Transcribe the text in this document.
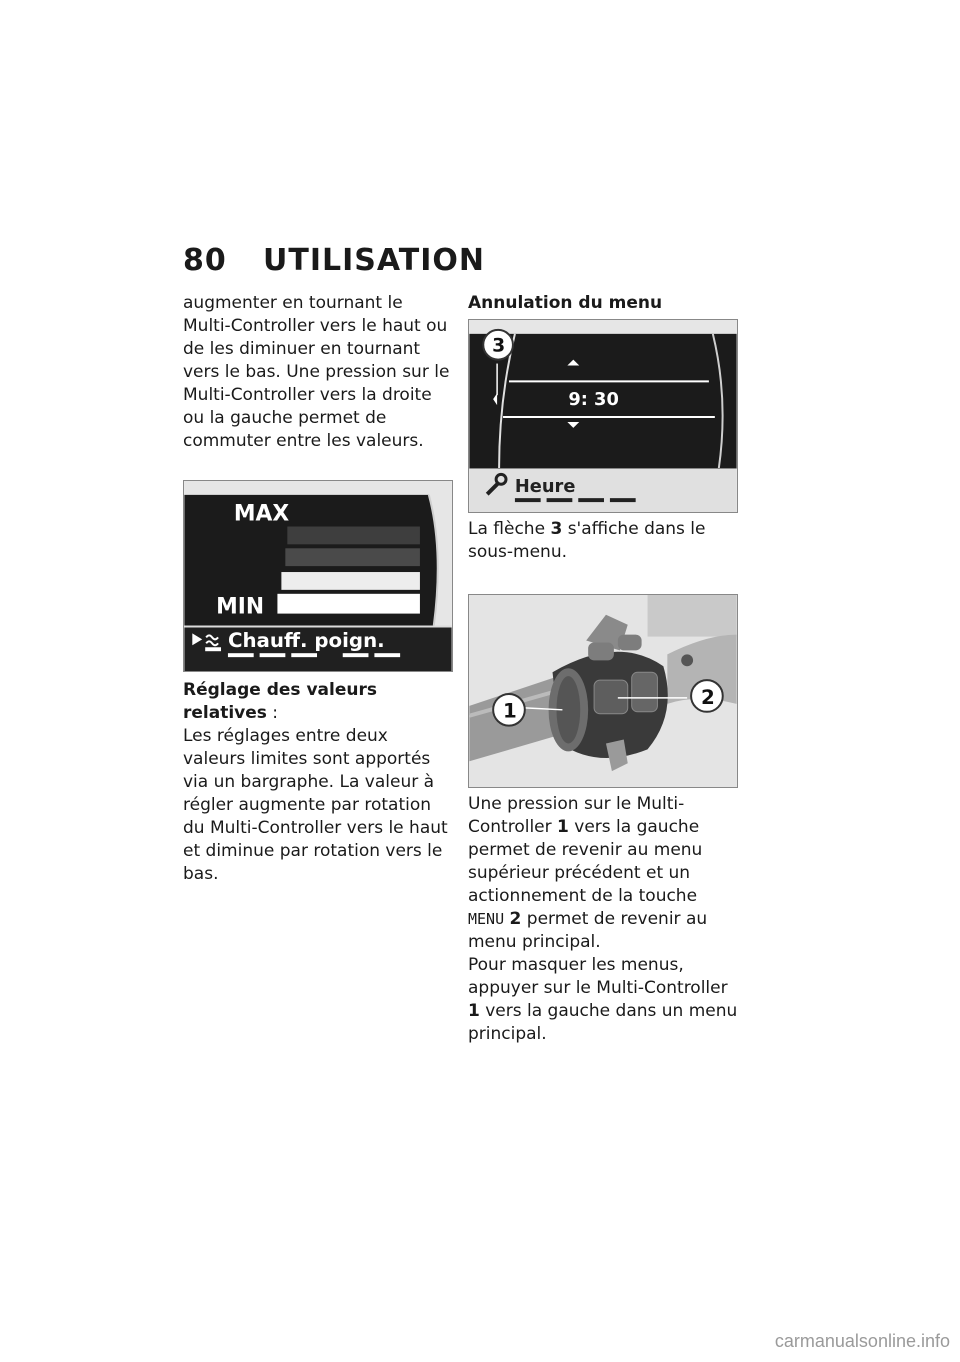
80	UTILISATION

augmenter en tournant le Multi-Controller vers le haut ou de les diminuer en tournant vers le bas. Une pression sur le Multi-Controller vers la droite ou la gauche permet de commuter entre les valeurs.

MAX
MIN
Chauff. poign.

Réglage des valeurs relatives :
Les réglages entre deux valeurs limites sont apportés via un bargraphe. La valeur à régler augmente par rotation du Multi-Controller vers le haut et diminue par rotation vers le bas.

Annulation du menu

9: 30
3
Heure

La flèche 3 s'affiche dans le sous-menu.

1
2

Une pression sur le Multi-Controller 1 vers la gauche permet de revenir au menu supérieur précédent et un actionnement de la touche MENU 2 permet de revenir au menu principal.

Pour masquer les menus, appuyer sur le Multi-Controller 1 vers la gauche dans un menu principal.

carmanualsonline.info
